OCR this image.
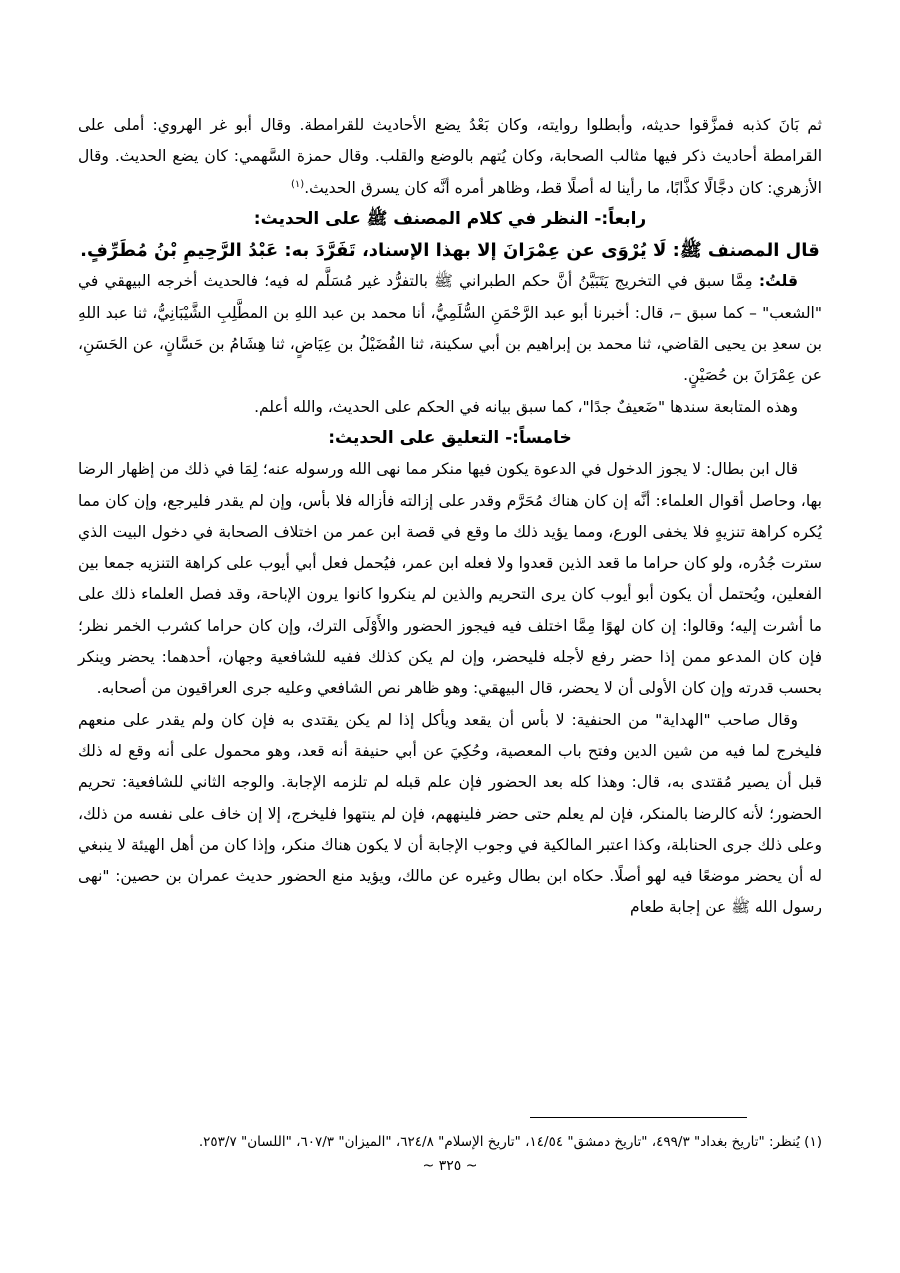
ثم بَانَ كذبه فمزَّقوا حديثه، وأبطلوا روايته، وكان بَعْدُ يضع الأحاديث للقرامطة. وقال أبو غر الهروي: أملى على القرامطة أحاديث ذكر فيها مثالب الصحابة، وكان يُتهم بالوضع والقلب. وقال حمزة السَّهمي: كان يضع الحديث. وقال الأزهري: كان دجَّالًا كذَّابًا، ما رأينا له أصلًا قط، وظاهر أمره أنَّه كان يسرق الحديث.$^{(١)}$

رابعاً:- النظر في كلام المصنف ﷺ على الحديث:

قال المصنف ﷺ: لَا يُرْوَى عن عِمْرَانَ إلا بهذا الإسناد، تَفَرَّدَ به: عَبْدُ الرَّحِيمِ بْنُ مُطَرِّفٍ.

قلتُ: مِمَّا سبق في التخريج يَتَبَيَّنُ أنَّ حكم الطبراني ﷺ بالتفرُّد غير مُسَلَّم له فيه؛ فالحديث أخرجه البيهقي في "الشعب" – كما سبق –، قال: أخبرنا أبو عبد الرَّحْمَنِ السُّلَمِيُّ، أنا محمد بن عبد اللهِ بن المطَّلِبِ الشَّيْبَانِيُّ، ثنا عبد اللهِ بن سعدِ بن يحيى القاضي، ثنا محمد بن إبراهيم بن أبي سكينة، ثنا الفُضَيْلُ بن عِيَاضٍ، ثنا هِشَامُ بن حَسَّانٍ، عن الحَسَنِ، عن عِمْرَانَ بن حُصَيْنٍ.

وهذه المتابعة سندها "ضَعيفٌ جدًا"، كما سبق بيانه في الحكم على الحديث، والله أعلم.

خامساً:- التعليق على الحديث:

قال ابن بطال: لا يجوز الدخول في الدعوة يكون فيها منكر مما نهى الله ورسوله عنه؛ لِمَا في ذلك من إظهار الرضا بها، وحاصل أقوال العلماء: أنَّه إن كان هناك مُحَرَّم وقدر على إزالته فأزاله فلا بأس، وإن لم يقدر فليرجع، وإن كان مما يُكره كراهة تنزيهٍ فلا يخفى الورع، ومما يؤيد ذلك ما وقع في قصة ابن عمر من اختلاف الصحابة في دخول البيت الذي سترت جُدُره، ولو كان حراما ما قعد الذين قعدوا ولا فعله ابن عمر، فيُحمل فعل أبي أيوب على كراهة التنزيه جمعا بين الفعلين، ويُحتمل أن يكون أبو أيوب كان يرى التحريم والذين لم ينكروا كانوا يرون الإباحة، وقد فصل العلماء ذلك على ما أشرت إليه؛ وقالوا: إن كان لهوًا مِمَّا اختلف فيه فيجوز الحضور والأَوْلَى الترك، وإن كان حراما كشرب الخمر نظر؛ فإن كان المدعو ممن إذا حضر رفع لأجله فليحضر، وإن لم يكن كذلك ففيه للشافعية وجهان، أحدهما: يحضر وينكر بحسب قدرته وإن كان الأولى أن لا يحضر، قال البيهقي: وهو ظاهر نص الشافعي وعليه جرى العراقيون من أصحابه.

وقال صاحب "الهداية" من الحنفية: لا بأس أن يقعد ويأكل إذا لم يكن يقتدى به فإن كان ولم يقدر على منعهم فليخرج لما فيه من شين الدين وفتح باب المعصية، وحُكِيَ عن أبي حنيفة أنه قعد، وهو محمول على أنه وقع له ذلك قبل أن يصير مُقتدى به، قال: وهذا كله بعد الحضور فإن علم قبله لم تلزمه الإجابة. والوجه الثاني للشافعية: تحريم الحضور؛ لأنه كالرضا بالمنكر، فإن لم يعلم حتى حضر فلينههم، فإن لم ينتهوا فليخرج، إلا إن خاف على نفسه من ذلك، وعلى ذلك جرى الحنابلة، وكذا اعتبر المالكية في وجوب الإجابة أن لا يكون هناك منكر، وإذا كان من أهل الهيئة لا ينبغي له أن يحضر موضعًا فيه لهو أصلًا. حكاه ابن بطال وغيره عن مالك، ويؤيد منع الحضور حديث عمران بن حصين: "نهى رسول الله ﷺ عن إجابة طعام

(١) يُنظر: "تاريخ بغداد" ٤٩٩/٣، "تاريخ دمشق" ١٤/٥٤، "تاريخ الإسلام" ٦٢٤/٨، "الميزان" ٦٠٧/٣، "اللسان" ٢٥٣/٧.
~ ٣٢٥ ~
